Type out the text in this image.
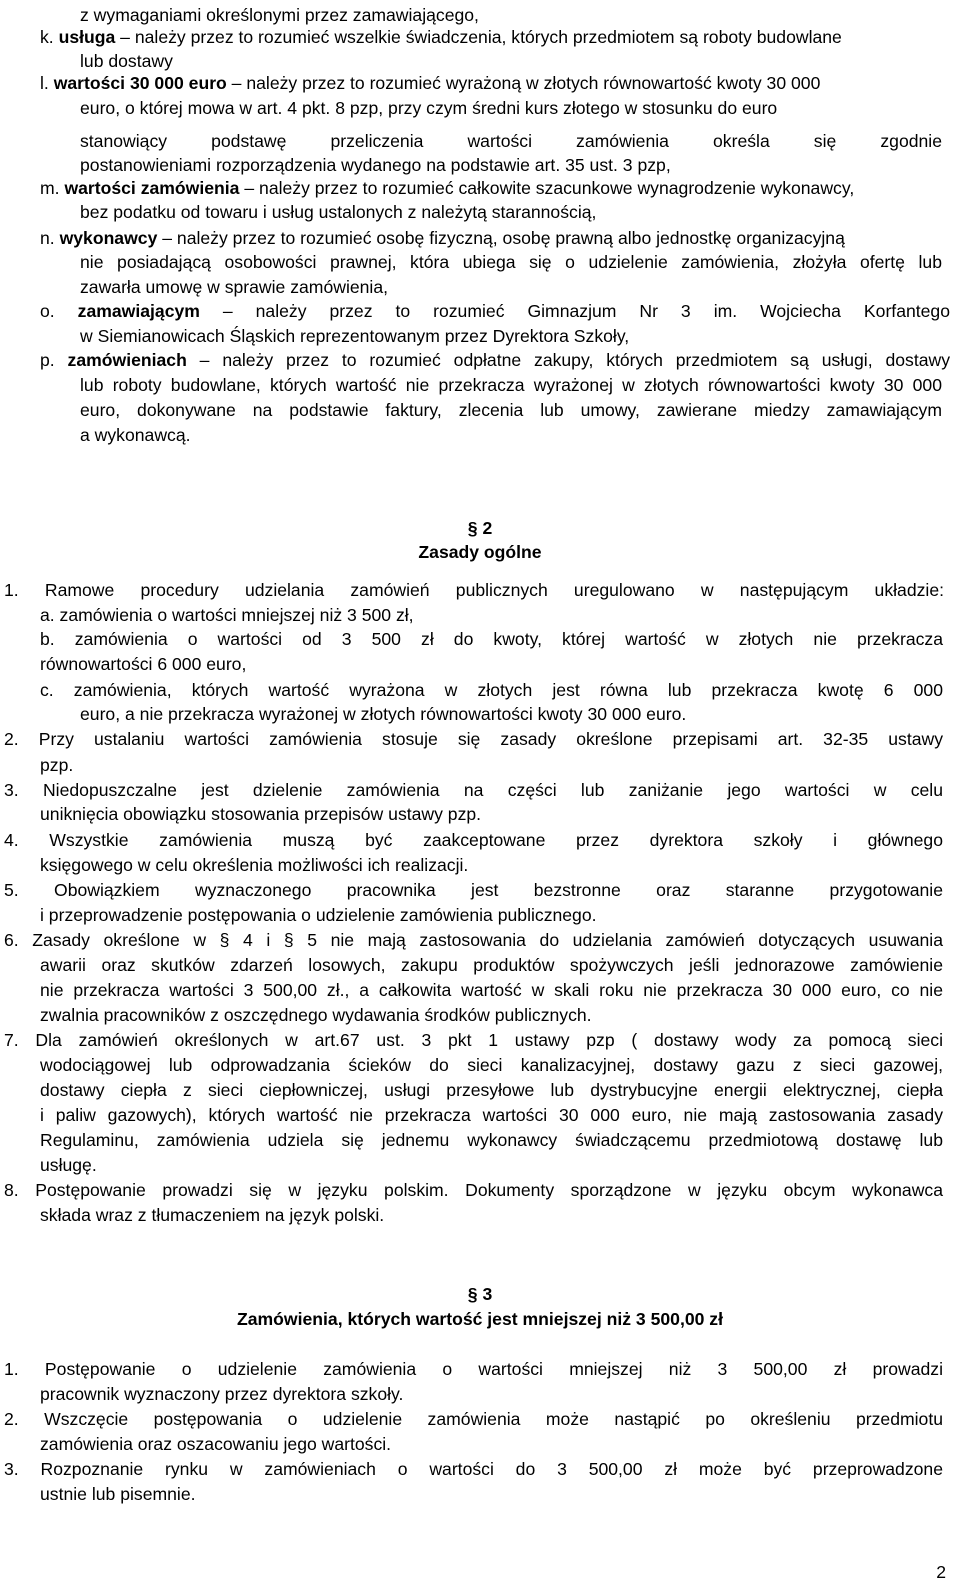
z wymaganiami określonymi przez zamawiającego,
k. usługa – należy przez to rozumieć wszelkie świadczenia, których przedmiotem są roboty budowlane
lub dostawy
l. wartości 30 000 euro – należy przez to rozumieć wyrażoną w złotych równowartość kwoty 30 000
euro, o której mowa w art. 4 pkt. 8 pzp, przy czym średni kurs złotego w stosunku do euro
stanowiący podstawę przeliczenia wartości zamówienia określa się zgodnie
postanowieniami rozporządzenia wydanego na podstawie art. 35 ust. 3 pzp,
m. wartości zamówienia – należy przez to rozumieć całkowite szacunkowe wynagrodzenie wykonawcy,
bez podatku od towaru i usług ustalonych z należytą starannością,
n. wykonawcy – należy przez to rozumieć osobę fizyczną, osobę prawną albo jednostkę organizacyjną
nie posiadającą osobowości prawnej, która ubiega się o udzielenie zamówienia, złożyła ofertę lub
zawarła umowę w sprawie zamówienia,
o. zamawiającym – należy przez to rozumieć Gimnazjum Nr 3 im. Wojciecha Korfantego
w Siemianowicach Śląskich reprezentowanym przez Dyrektora Szkoły,
p. zamówieniach – należy przez to rozumieć odpłatne zakupy, których przedmiotem są usługi, dostawy
lub roboty budowlane, których wartość nie przekracza wyrażonej w złotych równowartości kwoty 30 000
euro, dokonywane na podstawie faktury, zlecenia lub umowy, zawierane miedzy zamawiającym
a wykonawcą.
§ 2
Zasady ogólne
1. Ramowe procedury udzielania zamówień publicznych uregulowano w następującym układzie:
a. zamówienia o wartości mniejszej niż 3 500 zł,
b. zamówienia o wartości od 3 500 zł do kwoty, której wartość w złotych nie przekracza
równowartości 6 000 euro,
c. zamówienia, których wartość wyrażona w złotych jest równa lub przekracza kwotę 6 000
euro, a nie przekracza wyrażonej w złotych równowartości kwoty 30 000 euro.
2. Przy ustalaniu wartości zamówienia stosuje się zasady określone przepisami art. 32-35 ustawy
pzp.
3. Niedopuszczalne jest dzielenie zamówienia na części lub zaniżanie jego wartości w celu
uniknięcia obowiązku stosowania przepisów ustawy pzp.
4. Wszystkie zamówienia muszą być zaakceptowane przez dyrektora szkoły i głównego
księgowego w celu określenia możliwości ich realizacji.
5. Obowiązkiem wyznaczonego pracownika jest bezstronne oraz staranne przygotowanie
i przeprowadzenie postępowania o udzielenie zamówienia publicznego.
6. Zasady określone w § 4 i § 5 nie mają zastosowania do udzielania zamówień dotyczących usuwania
awarii oraz skutków zdarzeń losowych, zakupu produktów spożywczych jeśli jednorazowe zamówienie
nie przekracza wartości 3 500,00 zł., a całkowita wartość w skali roku nie przekracza 30 000 euro, co nie
zwalnia pracowników z oszczędnego wydawania środków publicznych.
7. Dla zamówień określonych w art.67 ust. 3 pkt 1 ustawy pzp ( dostawy wody za pomocą sieci
wodociągowej lub odprowadzania ścieków do sieci kanalizacyjnej, dostawy gazu z sieci gazowej,
dostawy ciepła z sieci ciepłowniczej, usługi przesyłowe lub dystrybucyjne energii elektrycznej, ciepła
i paliw gazowych), których wartość nie przekracza wartości 30 000 euro, nie mają zastosowania zasady
Regulaminu, zamówienia udziela się jednemu wykonawcy świadczącemu przedmiotową dostawę lub
usługę.
8. Postępowanie prowadzi się w języku polskim. Dokumenty sporządzone w języku obcym wykonawca
składa wraz z tłumaczeniem na język polski.
§ 3
Zamówienia, których wartość jest mniejszej niż 3 500,00 zł
1. Postępowanie o udzielenie zamówienia o wartości mniejszej niż 3 500,00 zł prowadzi
pracownik wyznaczony przez dyrektora szkoły.
2. Wszczęcie postępowania o udzielenie zamówienia może nastąpić po określeniu przedmiotu
zamówienia oraz oszacowaniu jego wartości.
3. Rozpoznanie rynku w zamówieniach o wartości do 3 500,00 zł może być przeprowadzone
ustnie lub pisemnie.
2
